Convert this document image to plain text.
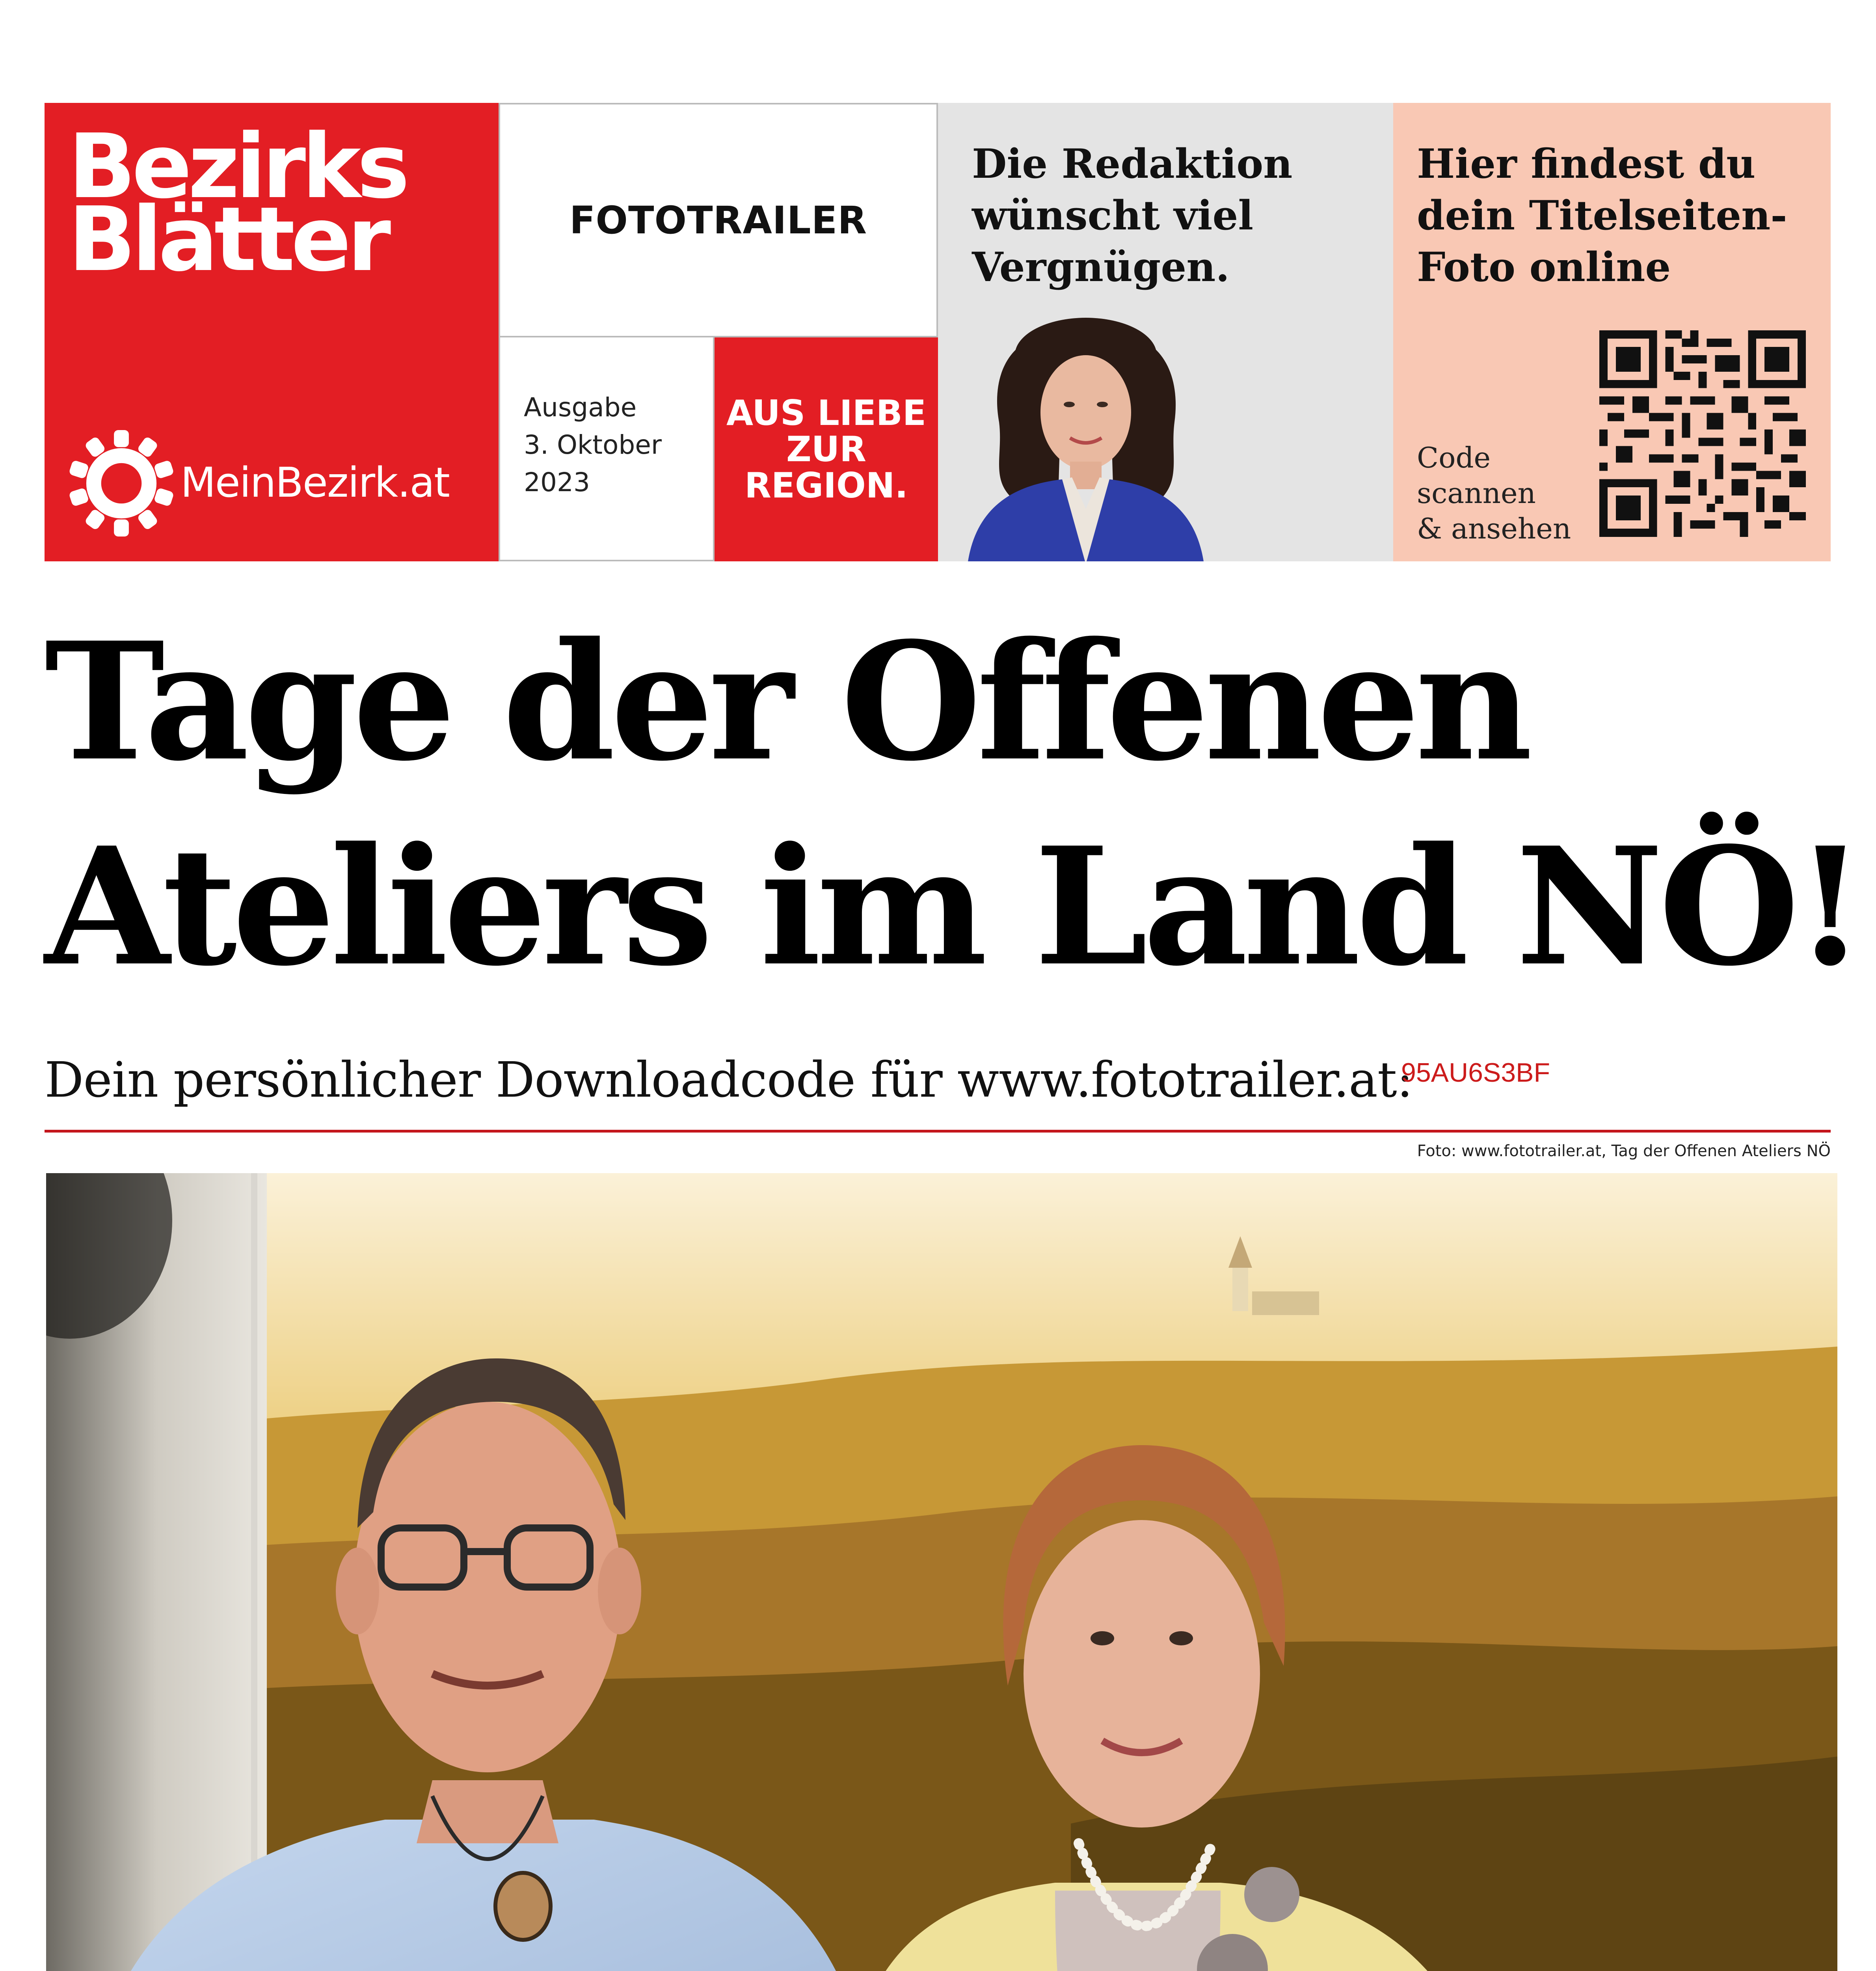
Bezirks
Blätter
MeinBezirk.at
FOTOTRAILER
Ausgabe
3. Oktober
2023
AUS LIEBE
ZUR
REGION.
Die Redaktion
wünscht viel
Vergnügen.
Hier findest du
dein Titelseiten-
Foto online
Code
scannen
& ansehen
Tage der Offenen
Ateliers im Land NÖ!
Dein persönlicher Downloadcode für www.fototrailer.at:
95AU6S3BF
Foto: www.fototrailer.at, Tag der Offenen Ateliers NÖ
